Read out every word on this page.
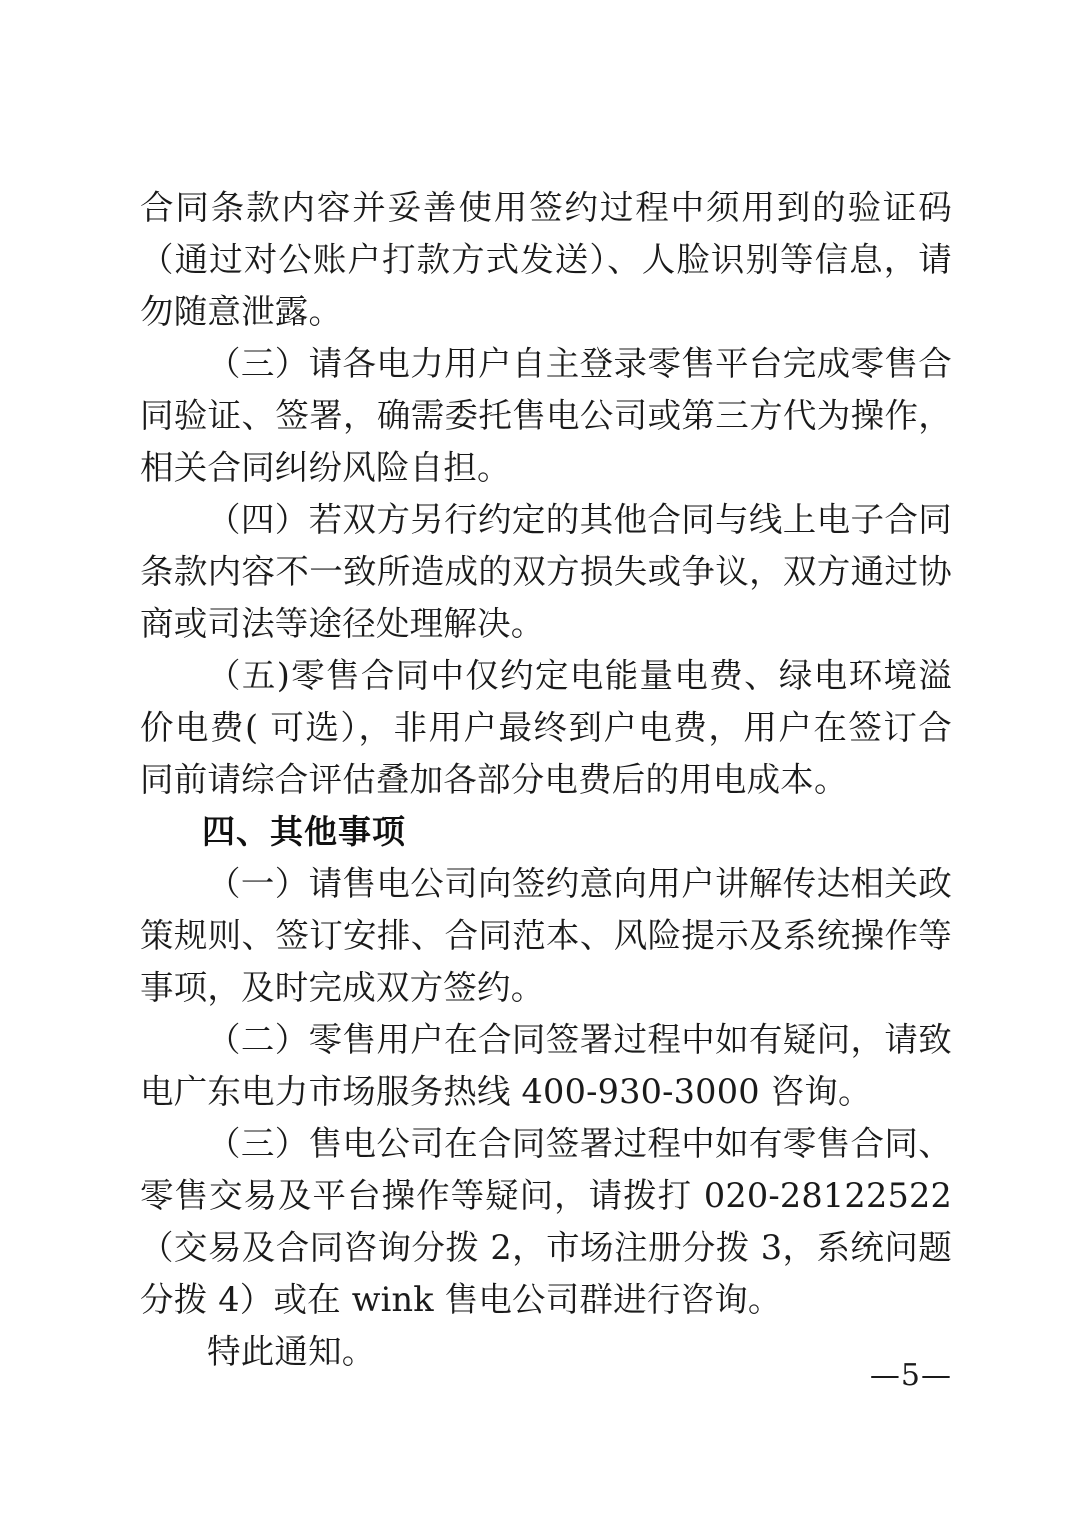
合同条款内容并妥善使用签约过程中须用到的验证码（通过对公账户打款方式发送）、人脸识别等信息，请勿随意泄露。

（三）请各电力用户自主登录零售平台完成零售合同验证、签署，确需委托售电公司或第三方代为操作，相关合同纠纷风险自担。

（四）若双方另行约定的其他合同与线上电子合同条款内容不一致所造成的双方损失或争议，双方通过协商或司法等途径处理解决。

（五)零售合同中仅约定电能量电费、绿电环境溢价电费( 可选），非用户最终到户电费，用户在签订合同前请综合评估叠加各部分电费后的用电成本。

四、其他事项

（一）请售电公司向签约意向用户讲解传达相关政策规则、签订安排、合同范本、风险提示及系统操作等事项，及时完成双方签约。

（二）零售用户在合同签署过程中如有疑问，请致电广东电力市场服务热线 400-930-3000 咨询。

（三）售电公司在合同签署过程中如有零售合同、零售交易及平台操作等疑问，请拨打 020-28122522（交易及合同咨询分拨 2，市场注册分拨 3，系统问题分拨 4）或在 wink 售电公司群进行咨询。

特此通知。

—5—
